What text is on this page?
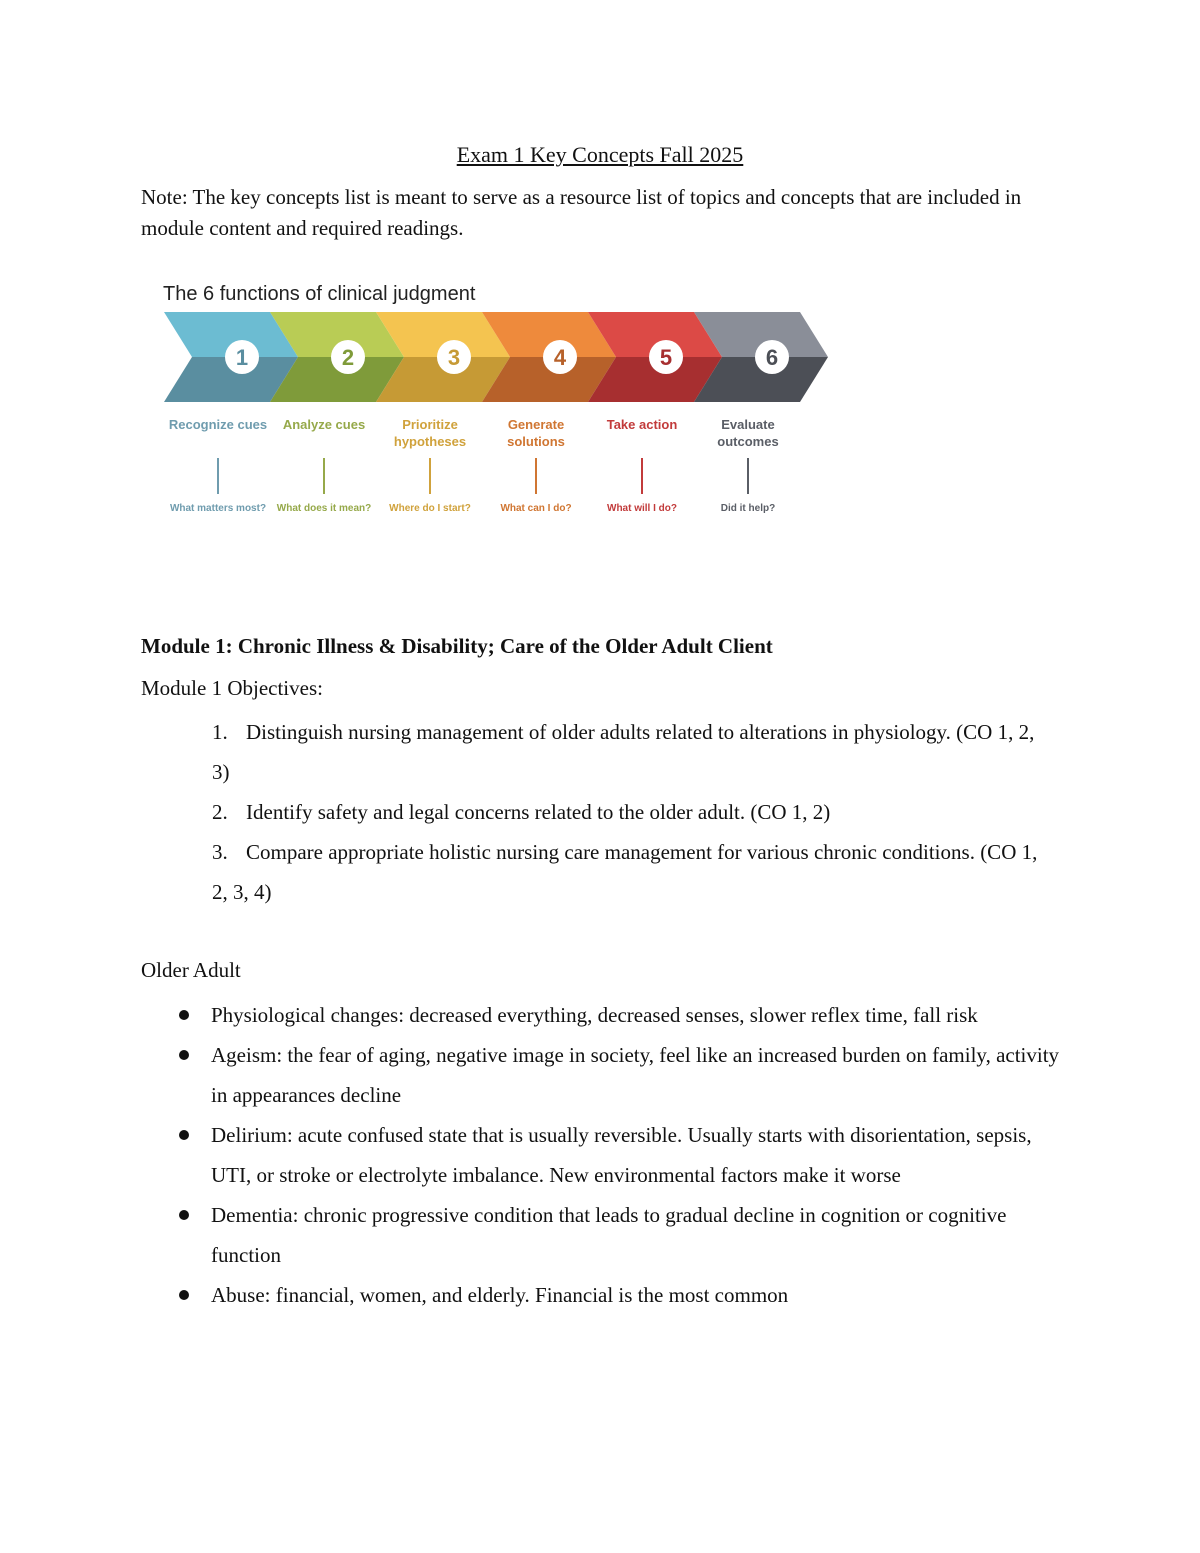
Exam 1 Key Concepts Fall 2025
Note: The key concepts list is meant to serve as a resource list of topics and concepts that are included in module content and required readings.
The 6 functions of clinical judgment
1	2	3	4	5	6
Recognize cues
What matters most?
Analyze cues
What does it mean?
Prioritize hypotheses
Where do I start?
Generate solutions
What can I do?
Take action
What will I do?
Evaluate outcomes
Did it help?
Module 1: Chronic Illness & Disability; Care of the Older Adult Client
Module 1 Objectives:
1. Distinguish nursing management of older adults related to alterations in physiology. (CO 1, 2, 3)
2. Identify safety and legal concerns related to the older adult. (CO 1, 2)
3. Compare appropriate holistic nursing care management for various chronic conditions. (CO 1, 2, 3, 4)
Older Adult
Physiological changes: decreased everything, decreased senses, slower reflex time, fall risk
Ageism: the fear of aging, negative image in society, feel like an increased burden on family, activity in appearances decline
Delirium: acute confused state that is usually reversible. Usually starts with disorientation, sepsis, UTI, or stroke or electrolyte imbalance. New environmental factors make it worse
Dementia: chronic progressive condition that leads to gradual decline in cognition or cognitive function
Abuse: financial, women, and elderly. Financial is the most common
